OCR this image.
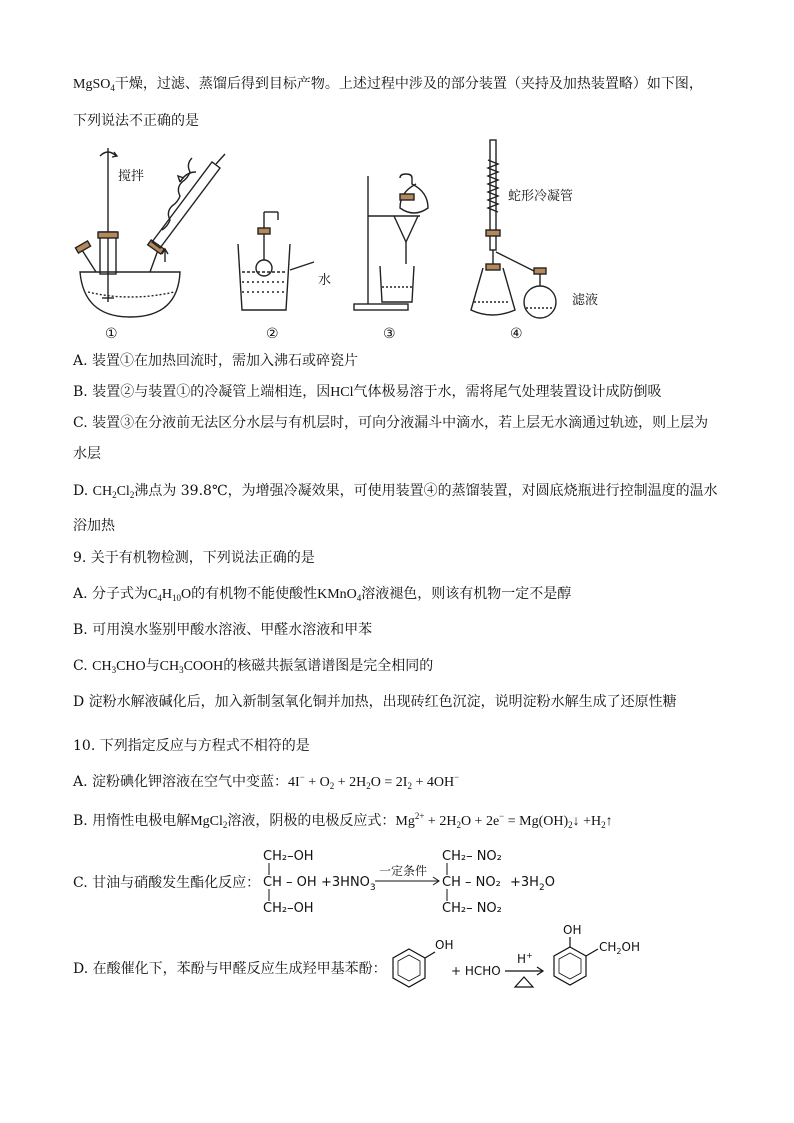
MgSO$_4$干燥，过滤、蒸馏后得到目标产物。上述过程中涉及的部分装置（夹持及加热装置略）如下图，
下列说法不正确的是
搅拌
水
蛇形冷凝管
滤液
①	②	③	④
A. 装置①在加热回流时，需加入沸石或碎瓷片
B. 装置②与装置①的冷凝管上端相连，因HCl气体极易溶于水，需将尾气处理装置设计成防倒吸
C. 装置③在分液前无法区分水层与有机层时，可向分液漏斗中滴水，若上层无水滴通过轨迹，则上层为
水层
D. $CH_2Cl_2$沸点为 39.8℃，为增强冷凝效果，可使用装置④的蒸馏装置，对圆底烧瓶进行控制温度的温水
浴加热
9. 关于有机物检测，下列说法正确的是
A. 分子式为$C_4H_{10}O$的有机物不能使酸性KMnO$_4$溶液褪色，则该有机物一定不是醇
B. 可用溴水鉴别甲酸水溶液、甲醛水溶液和甲苯
C. $CH_3CHO$与$CH_3COOH$的核磁共振氢谱谱图是完全相同的
D 淀粉水解液碱化后，加入新制氢氧化铜并加热，出现砖红色沉淀，说明淀粉水解生成了还原性糖
10. 下列指定反应与方程式不相符的是
A. 淀粉碘化钾溶液在空气中变蓝：$4I^- + O_2 + 2H_2O = 2I_2 + 4OH^-$
B. 用惰性电极电解MgCl$_2$溶液，阴极的电极反应式：$Mg^{2+} + 2H_2O + 2e^-$ = $Mg(OH)_2↓$ $+H_2↑$
C. 甘油与硝酸发生酯化反应：
CH₂–OH
CH – OH
CH₂–OH
$+3HNO_3$
一定条件
CH₂– NO₂
CH – NO₂
CH₂– NO₂
$+3H_2O$
D. 在酸催化下，苯酚与甲醛反应生成羟甲基苯酚：
OH
+ HCHO
H+
OH
$CH_2OH$
